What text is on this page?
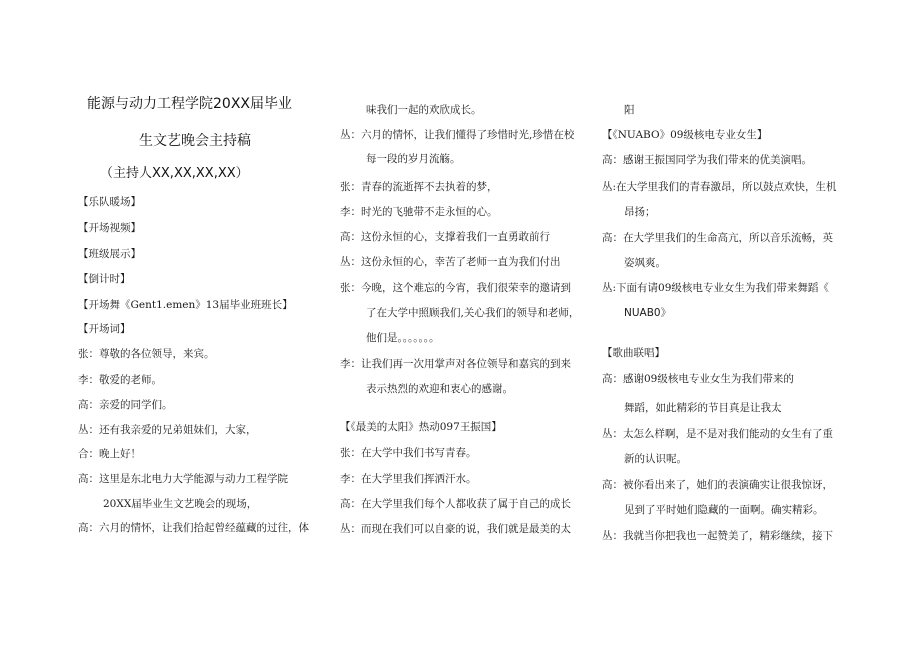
能源与动力工程学院20XX届毕业
生文艺晚会主持稿
（主持人XX,XX,XX,XX）
【乐队暖场】
【开场视频】
【班级展示】
【倒计时】
【开场舞《Gent1.emen》13届毕业班班长】
【开场词】
张：尊敬的各位领导，来宾。
李：敬爱的老师。
高：亲爱的同学们。
丛：还有我亲爱的兄弟姐妹们，大家，
合：晚上好！
高：这里是东北电力大学能源与动力工程学院
20XX届毕业生文艺晚会的现场，
高：六月的情怀，让我们拾起曾经蕴藏的过往，体
味我们一起的欢欣成长。
丛：六月的情怀，让我们懂得了珍惜时光,珍惜在校
每一段的岁月流觞。
张：青春的流逝挥不去执着的梦，
李：时光的飞驰带不走永恒的心。
高：这份永恒的心，支撑着我们一直勇敢前行
丛：这份永恒的心，幸苦了老师一直为我们付出
张：今晚，这个难忘的今宵，我们很荣幸的邀请到
了在大学中照顾我们,关心我们的领导和老师，
他们是。。。。。。。
李：让我们再一次用掌声对各位领导和嘉宾的到来
表示热烈的欢迎和衷心的感谢。
【《最美的太阳》热动097王振国】
张：在大学中我们书写青春。
李：在大学里我们挥洒汗水。
高：在大学里我们每个人都收获了属于自己的成长
丛：而现在我们可以自豪的说，我们就是最美的太
阳
【《NUABO》09级核电专业女生】
高：感谢王振国同学为我们带来的优美演唱。
丛:在大学里我们的青春激昂，所以鼓点欢快，生机
昂扬；
高：在大学里我们的生命高亢，所以音乐流畅，英
姿飒爽。
丛:下面有请09级核电专业女生为我们带来舞蹈《
NUAB0》
【歌曲联唱】
高：感谢09级核电专业女生为我们带来的
舞蹈，如此精彩的节目真是让我太
丛：太怎么样啊，是不是对我们能动的女生有了重
新的认识呢。
高：被你看出来了，她们的表演确实让很我惊讶，
见到了平时她们隐藏的一面啊。确实精彩。
丛：我就当你把我也一起赞美了，精彩继续，接下
